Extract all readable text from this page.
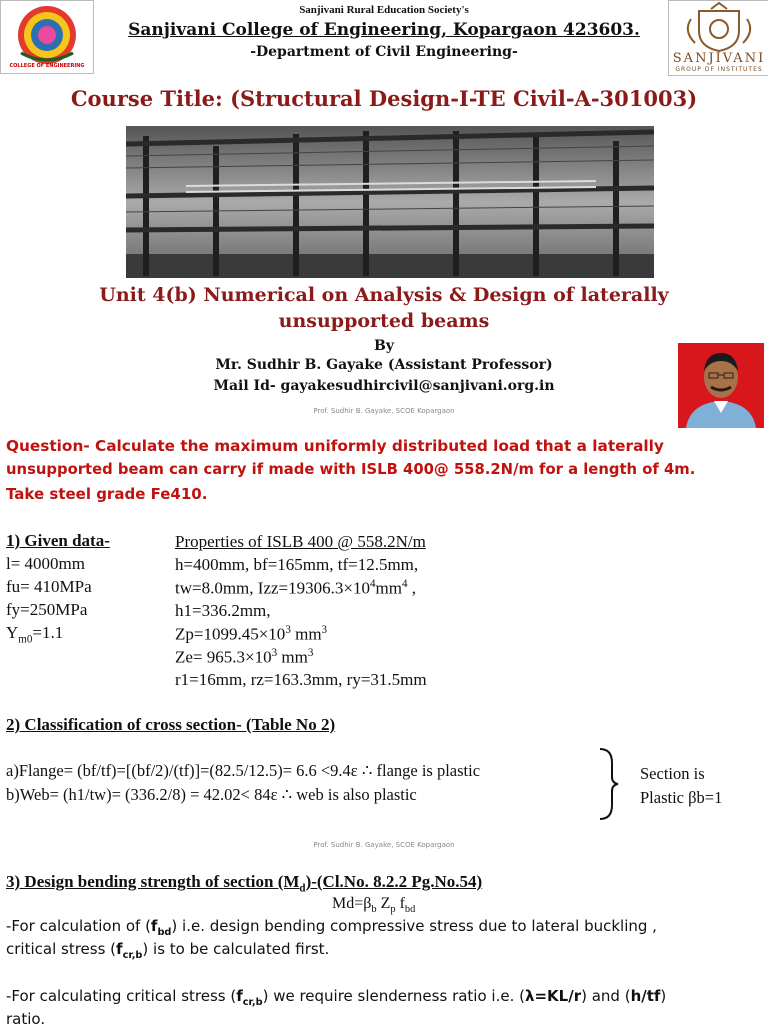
COLLEGE OF ENGINEERING	SANJIVANI
GROUP OF INSTITUTES
Sanjivani Rural Education Society's
Sanjivani College of Engineering, Kopargaon 423603.
-Department of Civil Engineering-
Course Title: (Structural Design-I-TE Civil-A-301003)
Unit 4(b) Numerical on Analysis & Design of laterally
unsupported beams
By
Mr. Sudhir B. Gayake (Assistant Professor)
Mail Id- gayakesudhircivil@sanjivani.org.in
Prof. Sudhir B. Gayake, SCOE Kopargaon
Question- Calculate the maximum uniformly distributed load that a laterally
unsupported beam can carry if made with ISLB 400@ 558.2N/m for a length of 4m.
Take steel grade Fe410.
1) Given data-
l= 4000mm
fu= 410MPa
fy=250MPa
$\Upsilon_{m0}=1.1$
Properties of ISLB 400 @ 558.2N/m
h=400mm, bf=165mm, tf=12.5mm,
tw=8.0mm, $Izz=19306.3\times 10^4mm^4$ ,
h1=336.2mm,
$Zp=1099.45\times 10^3$ $mm^3$
$Ze= 965.3\times 10^3$ $mm^3$
r1=16mm, rz=163.3mm, ry=31.5mm
2) Classification of cross section- (Table No 2)
a)Flange= (bf/tf)=[(bf/2)/(tf)]=(82.5/12.5)= 6.6 <9.4ε ∴ flange is plastic
b)Web= (h1/tw)= (336.2/8) = 42.02< 84ε ∴ web is also plastic
Section is
Plastic βb=1
Prof. Sudhir B. Gayake, SCOE Kopargaon
3) Design bending strength of section $(M_d)-(Cl.No$. 8.2.2 Pg.No.54)
$Md=\beta_b$ $Z_p$ $f_{bd}$
-For calculation of $(f_{bd})$ i.e. design bending compressive stress due to lateral buckling ,
critical stress $(f_{cr,b})$ is to be calculated first.
-For calculating critical stress $(f_{cr,b})$ we require slenderness ratio i.e. (λ=KL/r) and (h/tf)
ratio.
